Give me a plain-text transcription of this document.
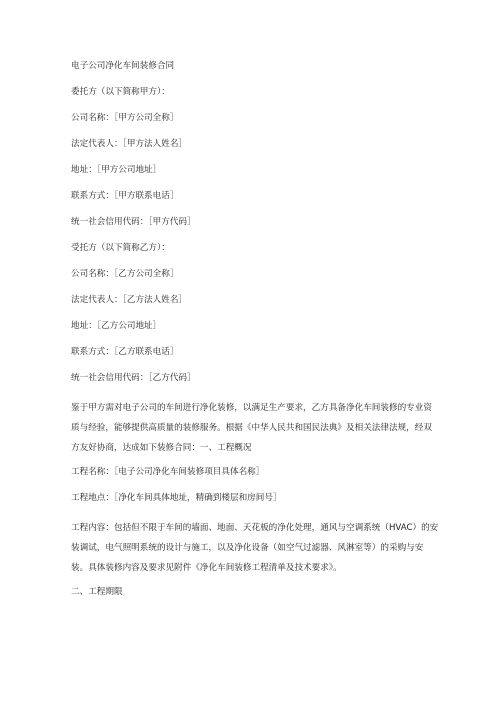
电子公司净化车间装修合同
委托方（以下简称甲方）：
公司名称：［甲方公司全称］
法定代表人：［甲方法人姓名］
地址：［甲方公司地址］
联系方式：［甲方联系电话］
统一社会信用代码：［甲方代码］
受托方（以下简称乙方）：
公司名称：［乙方公司全称］
法定代表人：［乙方法人姓名］
地址：［乙方公司地址］
联系方式：［乙方联系电话］
统一社会信用代码：［乙方代码］
鉴于甲方需对电子公司的车间进行净化装修，以满足生产要求，乙方具备净化车间装修的专业资
质与经验，能够提供高质量的装修服务。根据《中华人民共和国民法典》及相关法律法规，经双
方友好协商，达成如下装修合同：一、工程概况
工程名称：［电子公司净化车间装修项目具体名称］
工程地点：［净化车间具体地址，精确到楼层和房间号］
工程内容：包括但不限于车间的墙面、地面、天花板的净化处理，通风与空调系统（HVAC）的安
装调试，电气照明系统的设计与施工，以及净化设备（如空气过滤器、风淋室等）的采购与安
装。具体装修内容及要求见附件《净化车间装修工程清单及技术要求》。
二、工程期限
